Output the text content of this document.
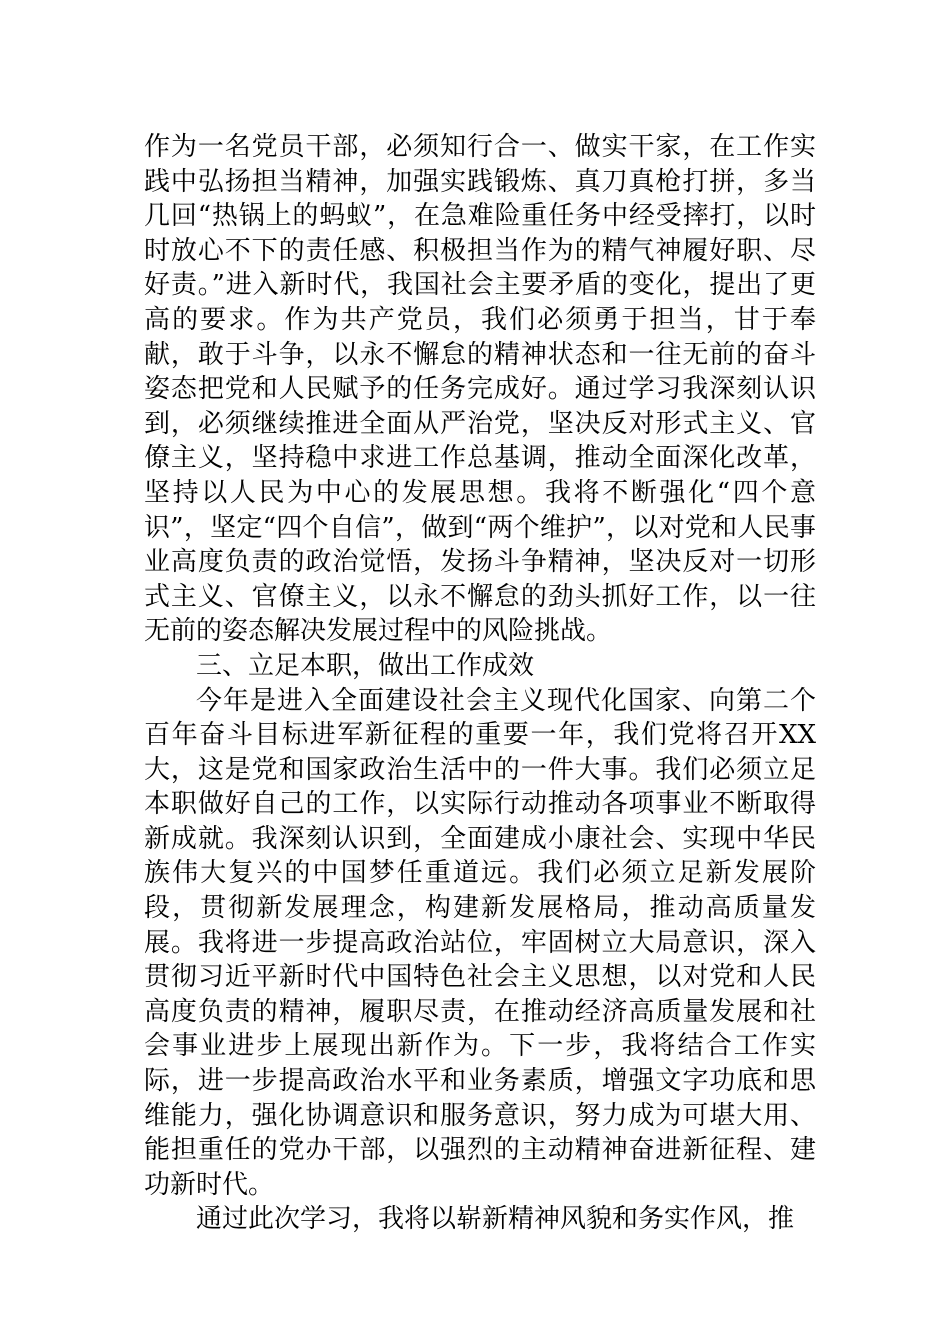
作为一名党员干部，必须知行合一、做实干家，在工作实践中弘扬担当精神，加强实践锻炼、真刀真枪打拼，多当几回“热锅上的蚂蚁”，在急难险重任务中经受摔打，以时时放心不下的责任感、积极担当作为的精气神履好职、尽好责。”进入新时代，我国社会主要矛盾的变化，提出了更高的要求。作为共产党员，我们必须勇于担当，甘于奉献，敢于斗争，以永不懈怠的精神状态和一往无前的奋斗姿态把党和人民赋予的任务完成好。通过学习我深刻认识到，必须继续推进全面从严治党，坚决反对形式主义、官僚主义，坚持稳中求进工作总基调，推动全面深化改革，坚持以人民为中心的发展思想。我将不断强化“四个意识”，坚定“四个自信”，做到“两个维护”，以对党和人民事业高度负责的政治觉悟，发扬斗争精神，坚决反对一切形式主义、官僚主义，以永不懈怠的劲头抓好工作，以一往无前的姿态解决发展过程中的风险挑战。

三、立足本职，做出工作成效

今年是进入全面建设社会主义现代化国家、向第二个百年奋斗目标进军新征程的重要一年，我们党将召开XX大，这是党和国家政治生活中的一件大事。我们必须立足本职做好自己的工作，以实际行动推动各项事业不断取得新成就。我深刻认识到，全面建成小康社会、实现中华民族伟大复兴的中国梦任重道远。我们必须立足新发展阶段，贯彻新发展理念，构建新发展格局，推动高质量发展。我将进一步提高政治站位，牢固树立大局意识，深入贯彻习近平新时代中国特色社会主义思想，以对党和人民高度负责的精神，履职尽责，在推动经济高质量发展和社会事业进步上展现出新作为。下一步，我将结合工作实际，进一步提高政治水平和业务素质，增强文字功底和思维能力，强化协调意识和服务意识，努力成为可堪大用、能担重任的党办干部，以强烈的主动精神奋进新征程、建功新时代。

通过此次学习，我将以崭新精神风貌和务实作风，推
